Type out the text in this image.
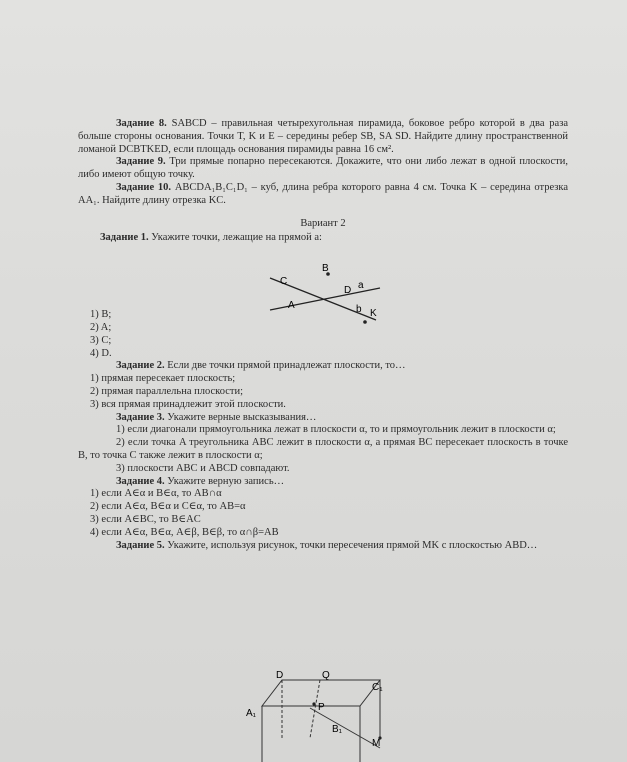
Задание 8. SABCD – правильная четырехугольная пирамида, боковое ребро которой в два раза больше стороны основания. Точки T, K и E – середины ребер SB, SA SD. Найдите длину пространственной ломаной DCBTKED, если площадь основания пирамиды равна 16 см².

Задание 9. Три прямые попарно пересекаются. Докажите, что они либо лежат в одной плоскости, либо имеют общую точку.

Задание 10. ABCDA₁B₁C₁D₁ – куб, длина ребра которого равна 4 см. Точка K – середина отрезка AA₁. Найдите длину отрезка KC.

Вариант 2

Задание 1. Укажите точки, лежащие на прямой a:

1) B;
2) A;
3) C;
4) D.

Задание 2. Если две точки прямой принадлежат плоскости, то…

1) прямая пересекает плоскость;
2) прямая параллельна плоскости;
3) вся прямая принадлежит этой плоскости.

Задание 3. Укажите верные высказывания…

1) если диагонали прямоугольника лежат в плоскости α, то и прямоугольник лежит в плоскости α;

2) если точка A треугольника ABC лежит в плоскости α, а прямая BC пересекает плоскость в точке B, то точка C также лежит в плоскости α;

3) плоскости ABC и ABCD совпадают.

Задание 4. Укажите верную запись…

1) если A∈α и B∈α, то AB∩α
2) если A∈α, B∈α и C∈α, то AB=α
3) если A∈BC, то B∈AC
4) если A∈α, B∈α, A∈β, B∈β, то α∩β=AB

Задание 5. Укажите, используя рисунок, точки пересечения прямой MK с плоскостью ABD…

B
C
D a
A	b K
D	Q
C₁
A₁
P
B₁
M
